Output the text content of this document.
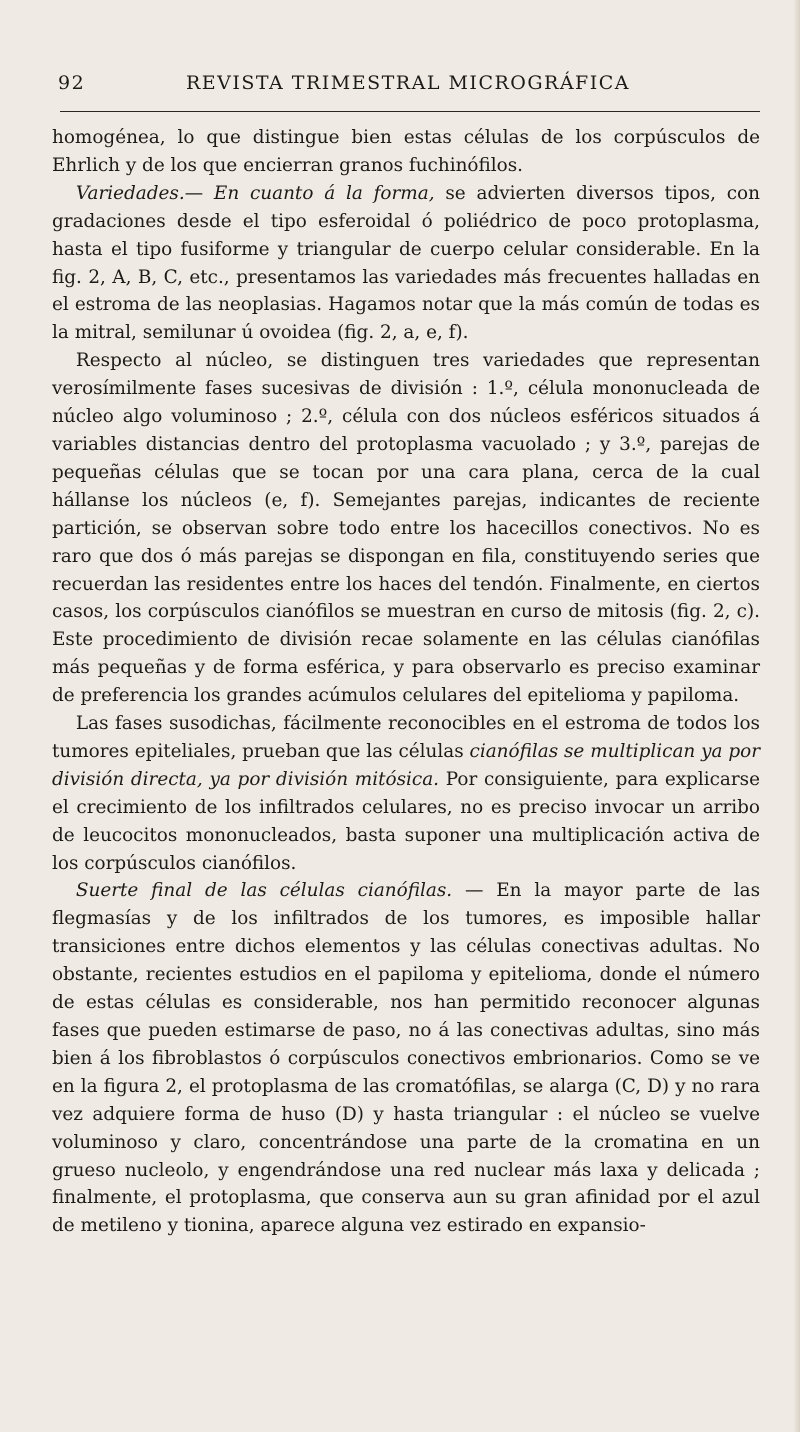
92	REVISTA TRIMESTRAL MICROGRÁFICA

homogénea, lo que distingue bien estas células de los corpúsculos de Ehrlich y de los que encierran granos fuchinófilos.

Variedades.— En cuanto á la forma, se advierten diversos tipos, con gradaciones desde el tipo esferoidal ó poliédrico de poco protoplasma, hasta el tipo fusiforme y triangular de cuerpo celular considerable. En la fig. 2, A, B, C, etc., presentamos las variedades más frecuentes halladas en el estroma de las neoplasias. Hagamos notar que la más común de todas es la mitral, semilunar ú ovoidea (fig. 2, a, e, f).

Respecto al núcleo, se distinguen tres variedades que representan verosímilmente fases sucesivas de división : 1.º, célula mononucleada de núcleo algo voluminoso ; 2.º, célula con dos núcleos esféricos situados á variables distancias dentro del protoplasma vacuolado ; y 3.º, parejas de pequeñas células que se tocan por una cara plana, cerca de la cual hállanse los núcleos (e, f). Semejantes parejas, indicantes de reciente partición, se observan sobre todo entre los hacecillos conectivos. No es raro que dos ó más parejas se dispongan en fila, constituyendo series que recuerdan las residentes entre los haces del tendón. Finalmente, en ciertos casos, los corpúsculos cianófilos se muestran en curso de mitosis (fig. 2, c). Este procedimiento de división recae solamente en las células cianófilas más pequeñas y de forma esférica, y para observarlo es preciso examinar de preferencia los grandes acúmulos celulares del epitelioma y papiloma.

Las fases susodichas, fácilmente reconocibles en el estroma de todos los tumores epiteliales, prueban que las células cianófilas se multiplican ya por división directa, ya por división mitósica. Por consiguiente, para explicarse el crecimiento de los infiltrados celulares, no es preciso invocar un arribo de leucocitos mononucleados, basta suponer una multiplicación activa de los corpúsculos cianófilos.

Suerte final de las células cianófilas. — En la mayor parte de las flegmasías y de los infiltrados de los tumores, es imposible hallar transiciones entre dichos elementos y las células conectivas adultas. No obstante, recientes estudios en el papiloma y epitelioma, donde el número de estas células es considerable, nos han permitido reconocer algunas fases que pueden estimarse de paso, no á las conectivas adultas, sino más bien á los fibroblastos ó corpúsculos conectivos embrionarios. Como se ve en la figura 2, el protoplasma de las cromatófilas, se alarga (C, D) y no rara vez adquiere forma de huso (D) y hasta triangular : el núcleo se vuelve voluminoso y claro, concentrándose una parte de la cromatina en un grueso nucleolo, y engendrándose una red nuclear más laxa y delicada ; finalmente, el protoplasma, que conserva aun su gran afinidad por el azul de metileno y tionina, aparece alguna vez estirado en expansio-
